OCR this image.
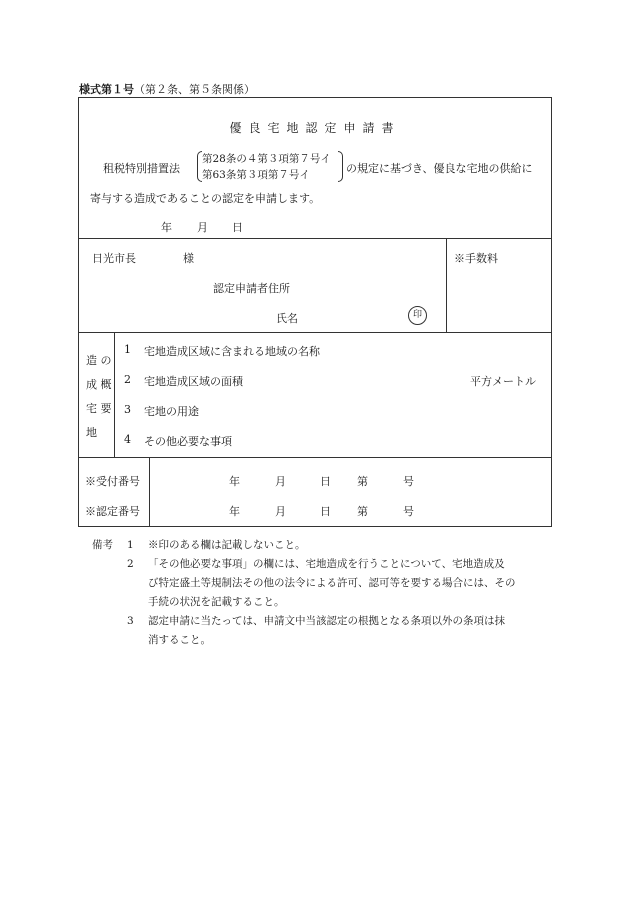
様式第１号（第２条、第５条関係）
優良宅地認定申請書
租税特別措置法
第28条の４第３項第７号イ
第63条第３項第７号イ	の規定に基づき、優良な宅地の供給に
寄与する造成であることの認定を申請します。
年 月 日
日光市長	様
認定申請者住所
氏名	印
※手数料
造 の
成 概
宅 要
地
1 宅地造成区域に含まれる地域の名称
2 宅地造成区域の面積	平方メートル
3 宅地の用途
4 その他必要な事項
※受付番号	年	月	日 第	号
※認定番号	年	月	日 第	号
備考 1 ※印のある欄は記載しないこと。
2 「その他必要な事項」の欄には、宅地造成を行うことについて、宅地造成及
び特定盛土等規制法その他の法令による許可、認可等を要する場合には、その
手続の状況を記載すること。
3 認定申請に当たっては、申請文中当該認定の根拠となる条項以外の条項は抹
消すること。
